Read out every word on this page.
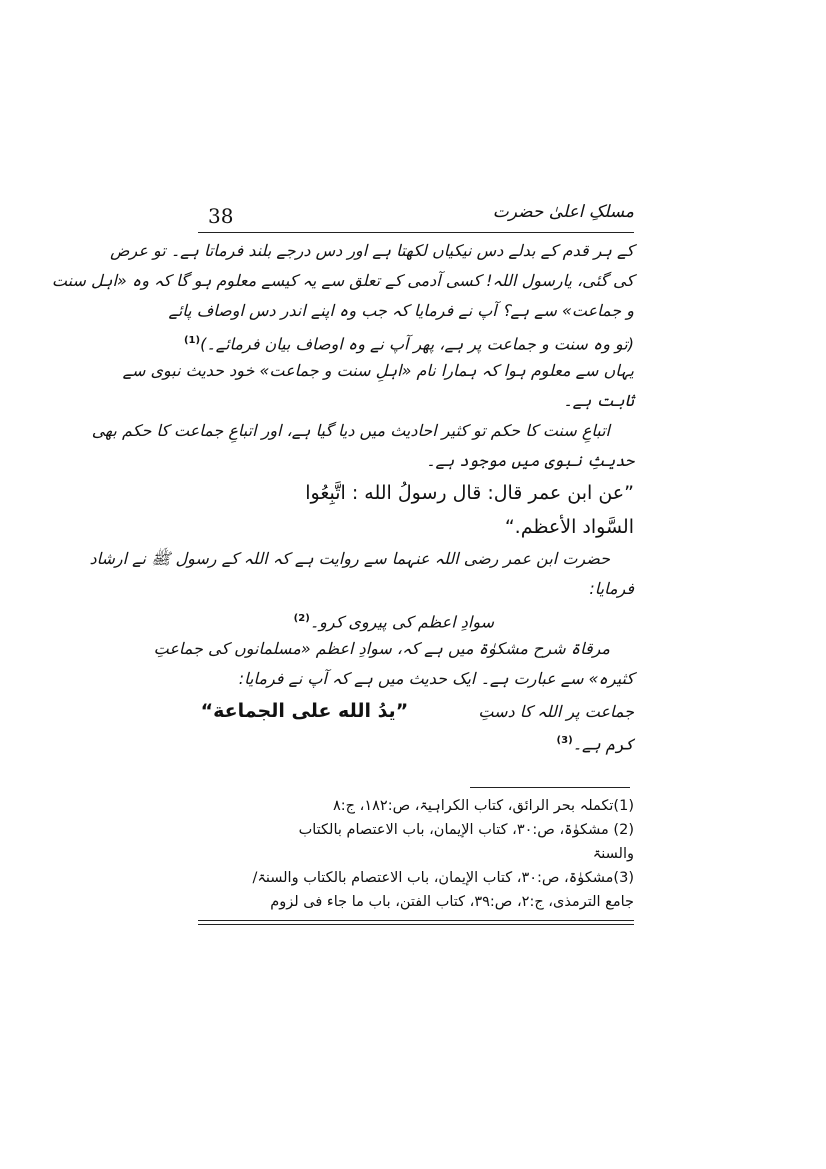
38	مسلکِ اعلیٰ حضرت
کے ہر قدم کے بدلے دس نیکیاں لکھتا ہے اور دس درجے بلند فرماتا ہے۔ تو عرض
کی گئی، یارسول اللہ! کسی آدمی کے تعلق سے یہ کیسے معلوم ہو گا کہ وہ «اہل سنت
و جماعت» سے ہے؟ آپ نے فرمایا کہ جب وہ اپنے اندر دس اوصاف پائے
(تو وہ سنت و جماعت پر ہے، پھر آپ نے وہ اوصاف بیان فرمائے۔)$^{(1)}$
یہاں سے معلوم ہوا کہ ہمارا نام «اہلِ سنت و جماعت» خود حدیث نبوی سے
ثابت ہے۔
اتباعِ سنت کا حکم تو کثیر احادیث میں دیا گیا ہے، اور اتباعِ جماعت کا حکم بھی
حدیثِ نبوی میں موجود ہے۔
”عن ابن عمر قال: قال رسولُ الله : اتَّبِعُوا
السَّواد الأعظم.“
حضرت ابن عمر رضی اللہ عنہما سے روایت ہے کہ اللہ کے رسول ﷺ نے ارشاد
فرمایا:
سوادِ اعظم کی پیروی کرو۔$^{(2)}$
مرقاۃ شرح مشکوٰۃ میں ہے کہ، سوادِ اعظم «مسلمانوں کی جماعتِ
کثیرہ» سے عبارت ہے۔ ایک حدیث میں ہے کہ آپ نے فرمایا:
جماعت پر اللہ کا دستِ  ”يدُ الله على الجماعة“
کرم ہے۔$^{(3)}$
(1)تکملہ بحر الرائق، کتاب الکراہیۃ، ص:۱۸۲، ج:۸
(2) مشکوٰۃ، ص:۳۰، کتاب الإيمان، باب الاعتصام بالکتاب
والسنۃ
(3)مشکوٰۃ، ص:۳۰، کتاب الإيمان، باب الاعتصام بالکتاب والسنۃ/
جامع الترمذی، ج:۲، ص:۳۹، کتاب الفتن، باب ما جاء فی لزوم
